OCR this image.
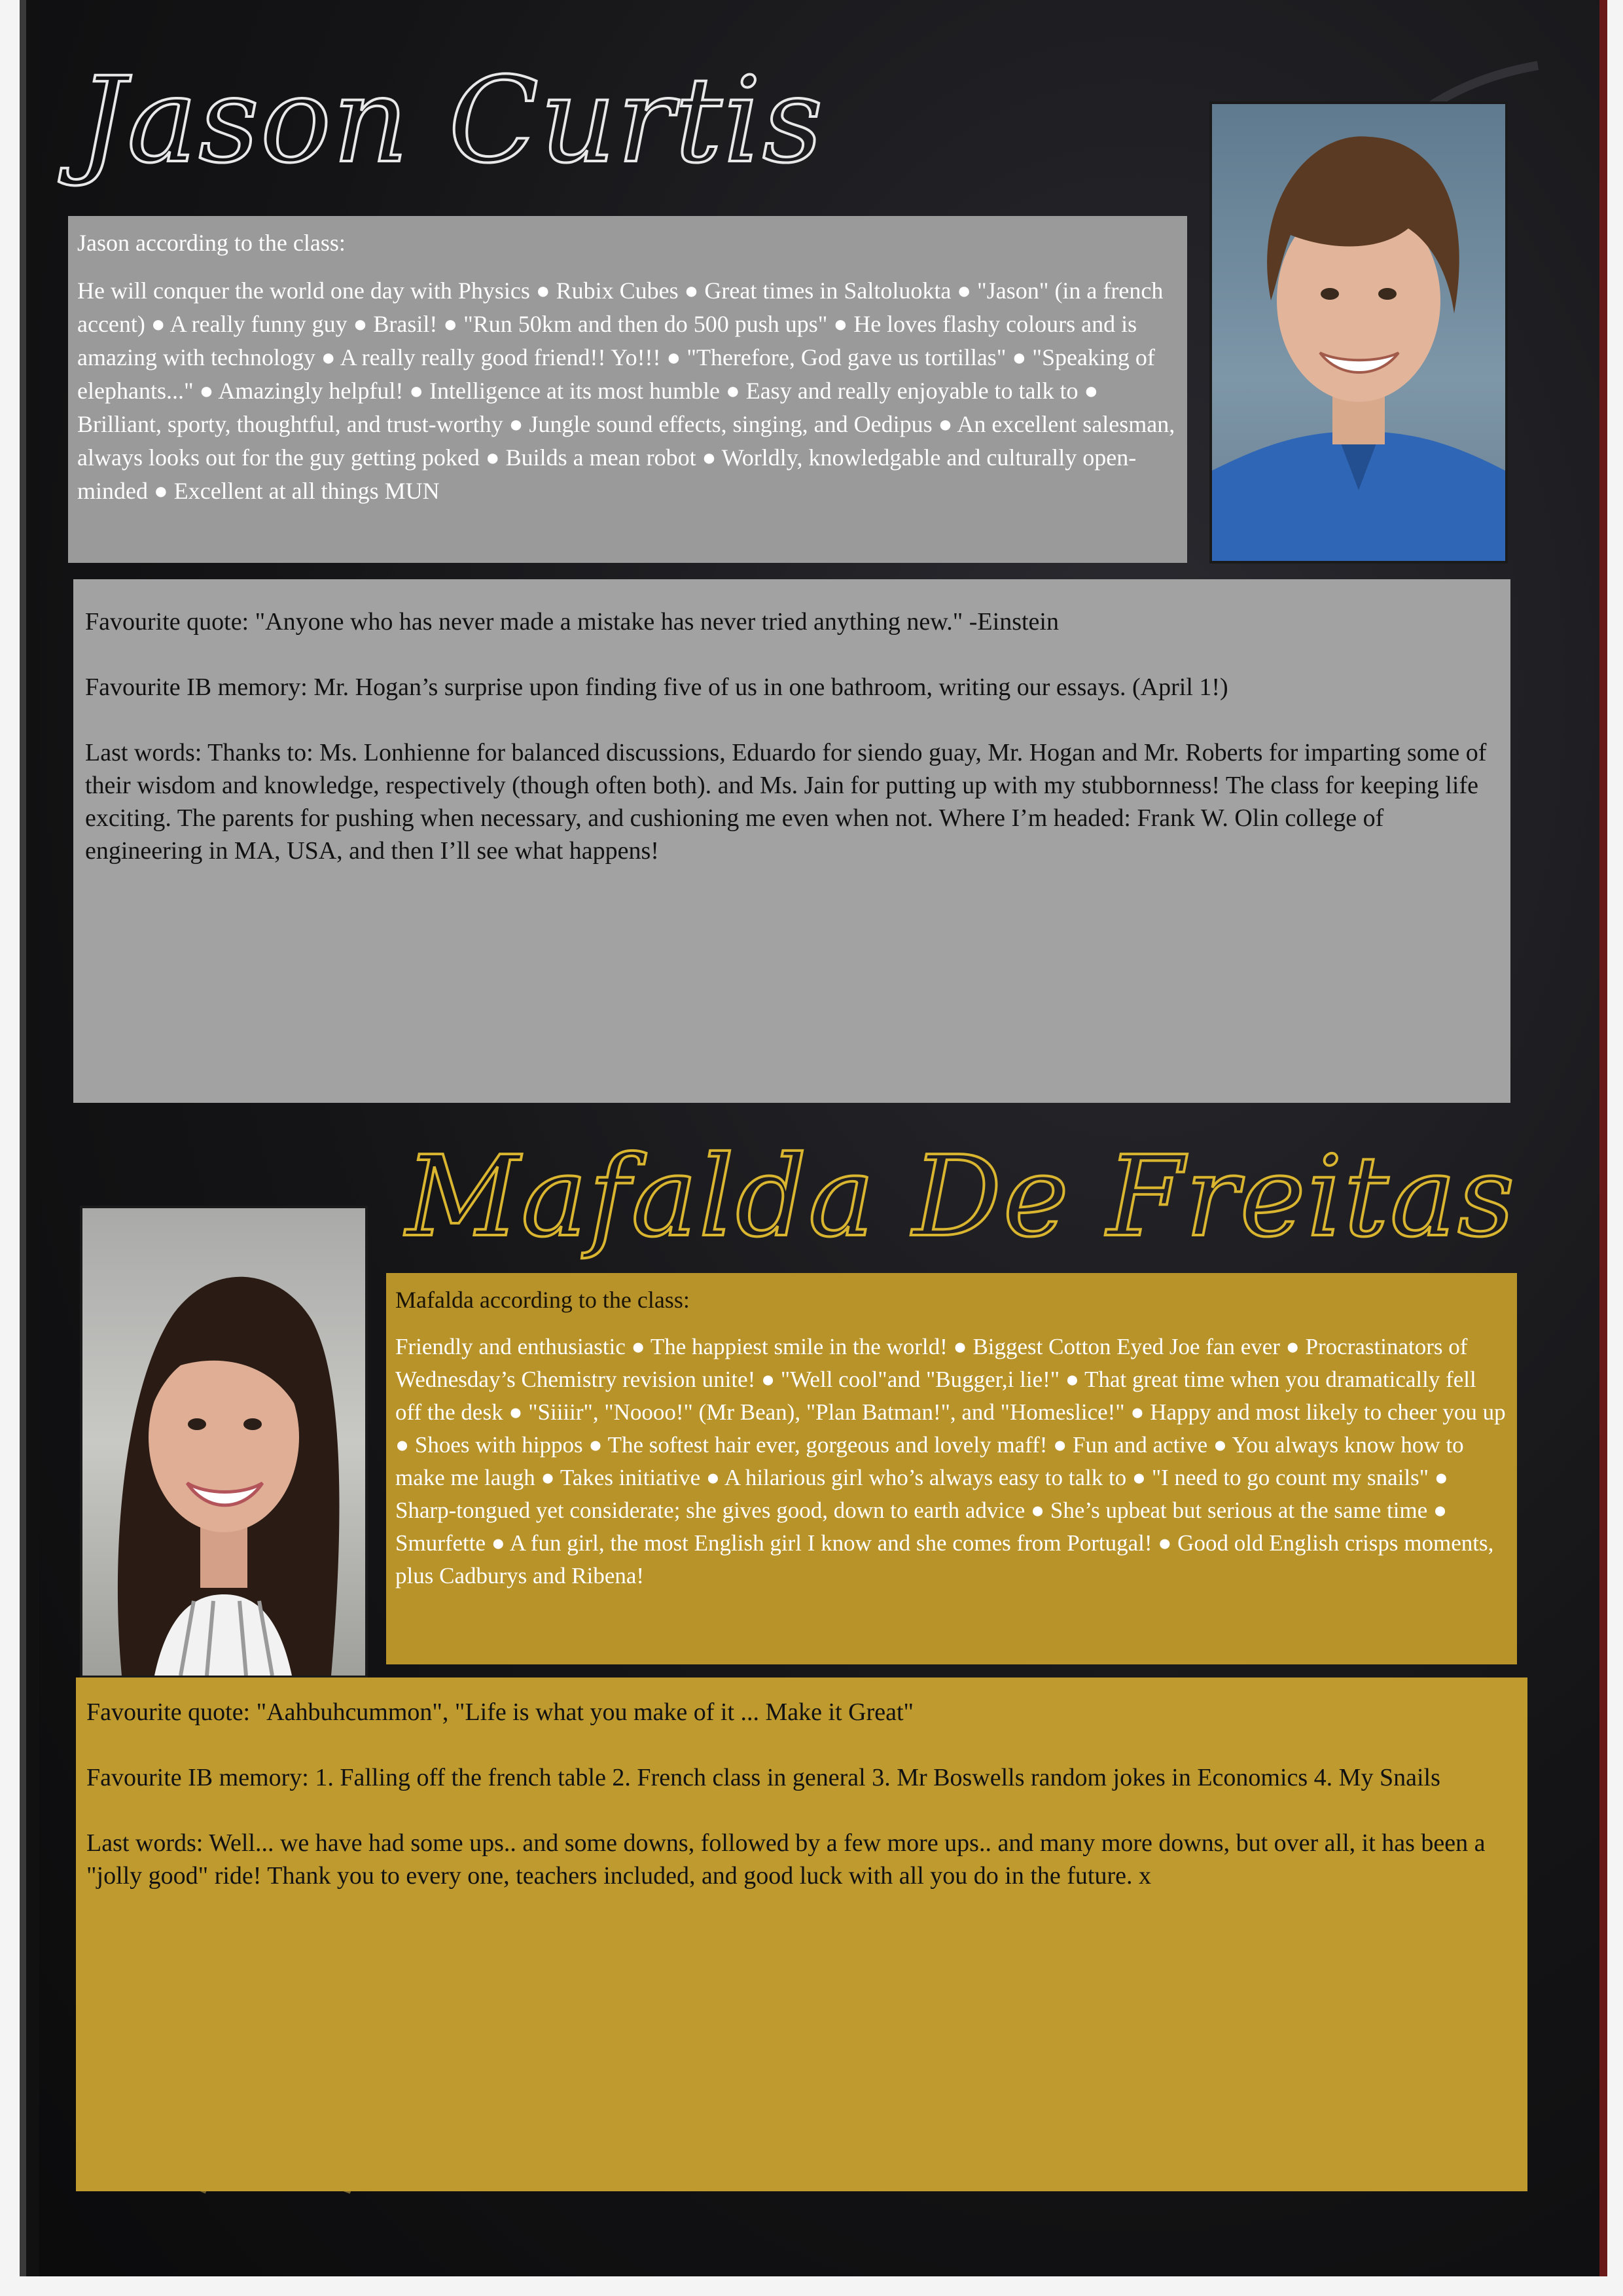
Jason Curtis

Jason according to the class:

He will conquer the world one day with Physics ● Rubix Cubes ● Great times in Saltoluokta ● "Jason" (in a french accent) ● A really funny guy ● Brasil! ● "Run 50km and then do 500 push ups" ● He loves flashy colours and is amazing with technology ● A really really good friend!! Yo!!! ● "Therefore, God gave us tortillas" ● "Speaking of elephants..." ● Amazingly helpful! ● Intelligence at its most humble ● Easy and really enjoyable to talk to ● Brilliant, sporty, thoughtful, and trust-worthy ● Jungle sound effects, singing, and Oedipus ● An excellent salesman, always looks out for the guy getting poked ● Builds a mean robot ● Worldly, knowledgable and culturally open-minded ● Excellent at all things MUN

Favourite quote: "Anyone who has never made a mistake has never tried anything new." -Einstein

Favourite IB memory: Mr. Hogan’s surprise upon finding five of us in one bathroom, writing our essays. (April 1!)

Last words: Thanks to: Ms. Lonhienne for balanced discussions, Eduardo for siendo guay, Mr. Hogan and Mr. Roberts for imparting some of their wisdom and knowledge, respectively (though often both). and Ms. Jain for putting up with my stubbornness! The class for keeping life exciting. The parents for pushing when necessary, and cushioning me even when not. Where I’m headed: Frank W. Olin college of engineering in MA, USA, and then I’ll see what happens!

Mafalda De Freitas

Mafalda according to the class:

Friendly and enthusiastic ● The happiest smile in the world! ● Biggest Cotton Eyed Joe fan ever ● Procrastinators of Wednesday’s Chemistry revision unite! ● "Well cool"and "Bugger,i lie!" ● That great time when you dramatically fell off the desk ● "Siiiir", "Noooo!" (Mr Bean), "Plan Batman!", and "Homeslice!" ● Happy and most likely to cheer you up ● Shoes with hippos ● The softest hair ever, gorgeous and lovely maff! ● Fun and active ● You always know how to make me laugh ● Takes initiative ● A hilarious girl who’s always easy to talk to ● "I need to go count my snails" ● Sharp-tongued yet considerate; she gives good, down to earth advice ● She’s upbeat but serious at the same time ● Smurfette ● A fun girl, the most English girl I know and she comes from Portugal! ● Good old English crisps moments, plus Cadburys and Ribena!

Favourite quote: "Aahbuhcummon", "Life is what you make of it ... Make it Great"

Favourite IB memory: 1. Falling off the french table 2. French class in general 3. Mr Boswells random jokes in Economics 4. My Snails

Last words: Well... we have had some ups.. and some downs, followed by a few more ups.. and many more downs, but over all, it has been a "jolly good" ride! Thank you to every one, teachers included, and good luck with all you do in the future. x
